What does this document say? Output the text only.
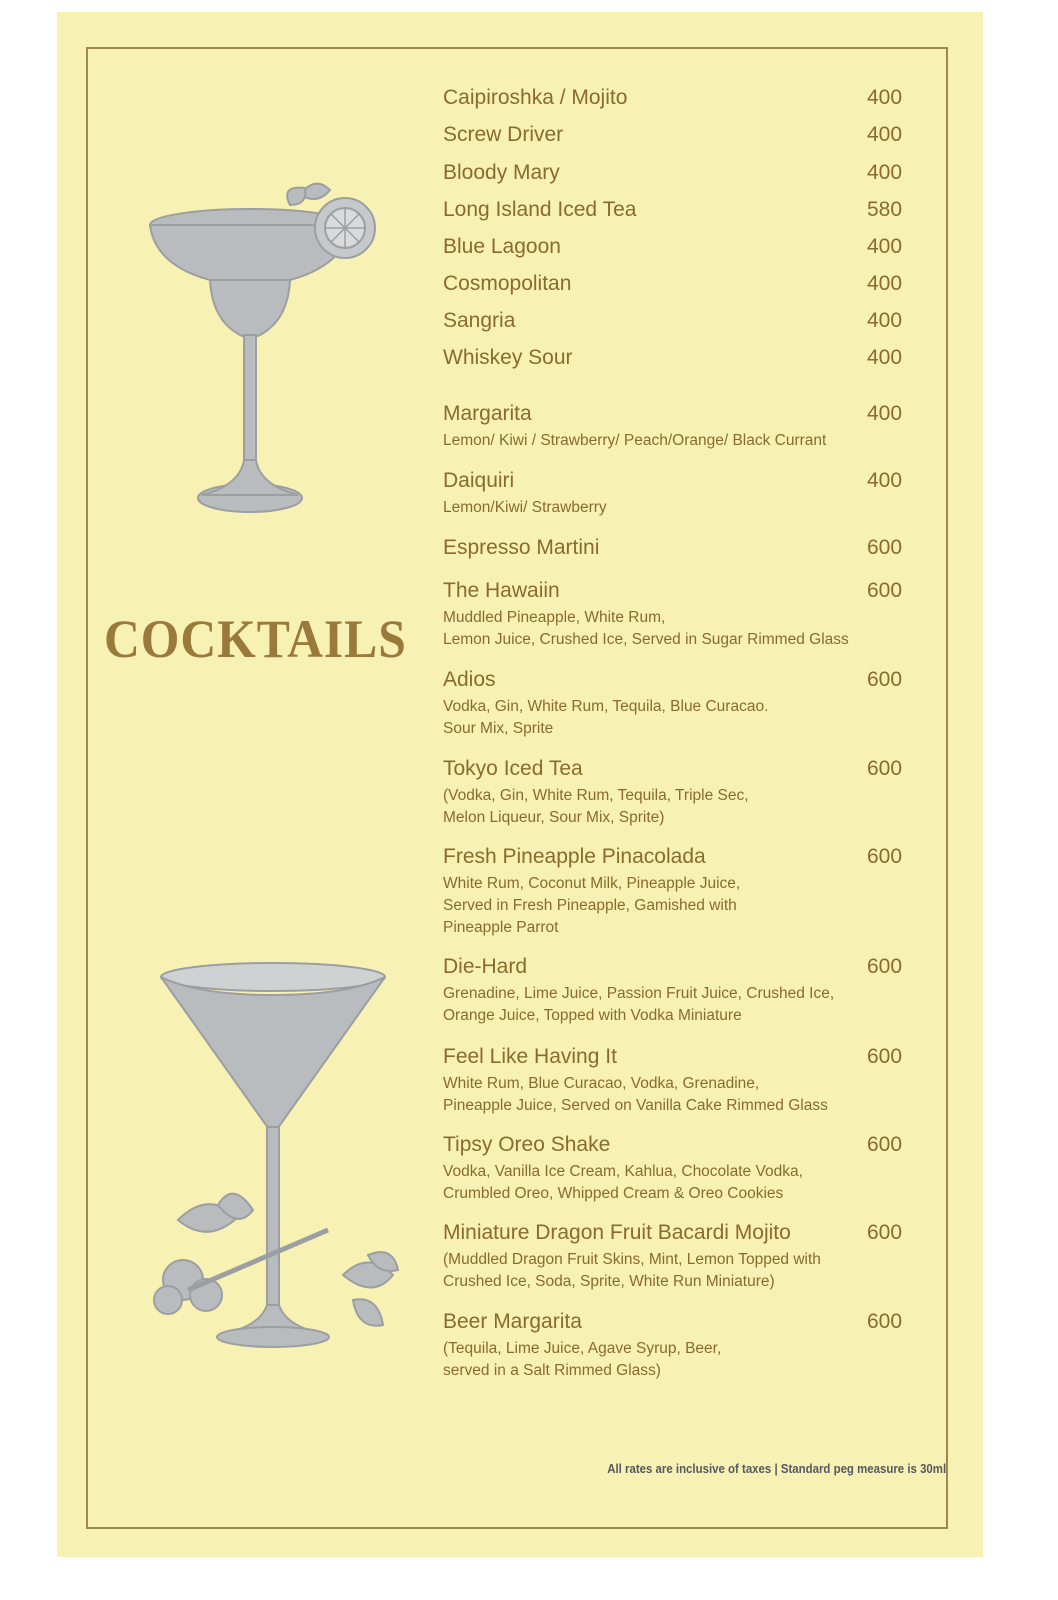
COCKTAILS
Caipiroshka / Mojito	400
Screw Driver	400
Bloody Mary	400
Long Island Iced Tea	580
Blue Lagoon	400
Cosmopolitan	400
Sangria	400
Whiskey Sour	400
Margarita	400
Lemon/ Kiwi / Strawberry/ Peach/Orange/ Black Currant
Daiquiri	400
Lemon/Kiwi/ Strawberry
Espresso Martini	600
The Hawaiin	600
Muddled Pineapple, White Rum,
Lemon Juice, Crushed Ice, Served in Sugar Rimmed Glass
Adios	600
Vodka, Gin, White Rum, Tequila, Blue Curacao.
Sour Mix, Sprite
Tokyo Iced Tea	600
(Vodka, Gin, White Rum, Tequila, Triple Sec,
Melon Liqueur, Sour Mix, Sprite)
Fresh Pineapple Pinacolada	600
White Rum, Coconut Milk, Pineapple Juice,
Served in Fresh Pineapple, Gamished with
Pineapple Parrot
Die-Hard	600
Grenadine, Lime Juice, Passion Fruit Juice, Crushed Ice,
Orange Juice, Topped with Vodka Miniature
Feel Like Having It	600
White Rum, Blue Curacao, Vodka, Grenadine,
Pineapple Juice, Served on Vanilla Cake Rimmed Glass
Tipsy Oreo Shake	600
Vodka, Vanilla Ice Cream, Kahlua, Chocolate Vodka,
Crumbled Oreo, Whipped Cream & Oreo Cookies
Miniature Dragon Fruit Bacardi Mojito	600
(Muddled Dragon Fruit Skins, Mint, Lemon Topped with
Crushed Ice, Soda, Sprite, White Run Miniature)
Beer Margarita	600
(Tequila, Lime Juice, Agave Syrup, Beer,
served in a Salt Rimmed Glass)
All rates are inclusive of taxes | Standard peg measure is 30ml
